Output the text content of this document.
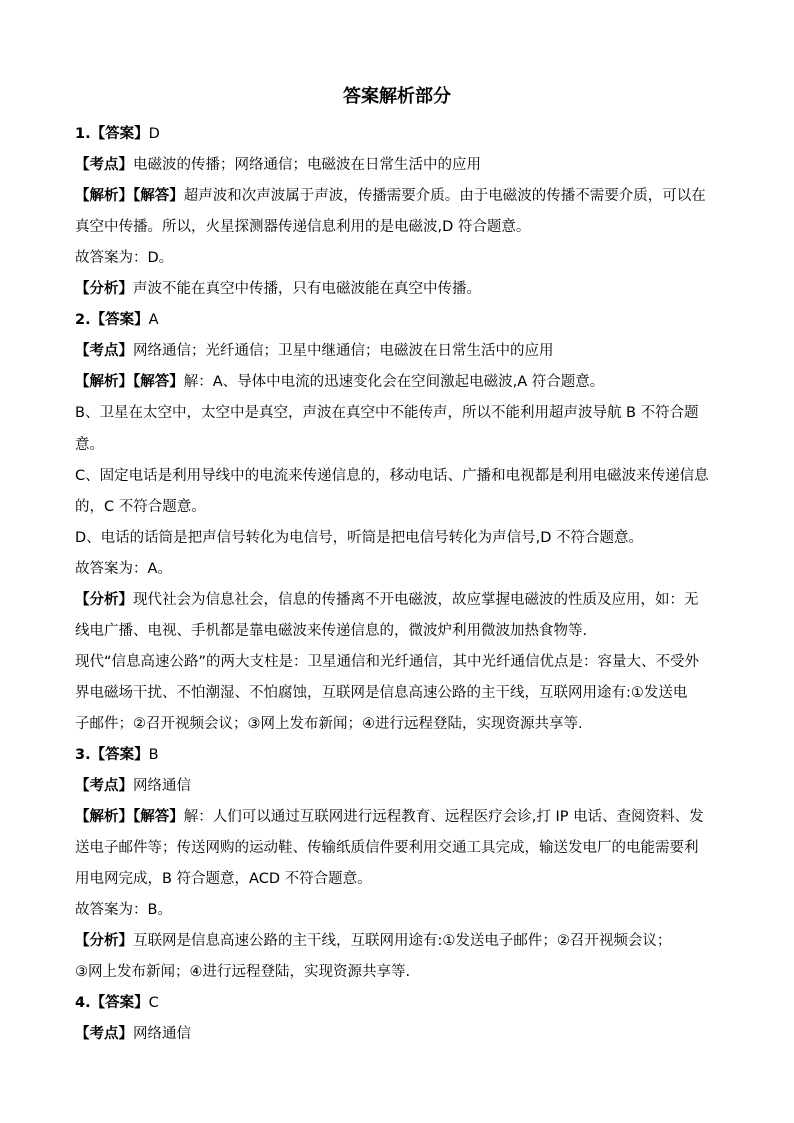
答案解析部分
1.【答案】D
【考点】电磁波的传播；网络通信；电磁波在日常生活中的应用
【解析】【解答】超声波和次声波属于声波，传播需要介质。由于电磁波的传播不需要介质，可以在
真空中传播。所以，火星探测器传递信息利用的是电磁波,D 符合题意。
故答案为：D。
【分析】声波不能在真空中传播，只有电磁波能在真空中传播。
2.【答案】A
【考点】网络通信；光纤通信；卫星中继通信；电磁波在日常生活中的应用
【解析】【解答】解：A、导体中电流的迅速变化会在空间激起电磁波,A 符合题意。
B、卫星在太空中，太空中是真空，声波在真空中不能传声，所以不能利用超声波导航 B 不符合题
意。
C、固定电话是利用导线中的电流来传递信息的，移动电话、广播和电视都是利用电磁波来传递信息
的，C 不符合题意。
D、电话的话筒是把声信号转化为电信号，听筒是把电信号转化为声信号,D 不符合题意。
故答案为：A。
【分析】现代社会为信息社会，信息的传播离不开电磁波，故应掌握电磁波的性质及应用，如：无
线电广播、电视、手机都是靠电磁波来传递信息的，微波炉利用微波加热食物等.
现代“信息高速公路”的两大支柱是：卫星通信和光纤通信，其中光纤通信优点是：容量大、不受外
界电磁场干扰、不怕潮湿、不怕腐蚀，互联网是信息高速公路的主干线，互联网用途有:①发送电
子邮件；②召开视频会议；③网上发布新闻；④进行远程登陆，实现资源共享等.
3.【答案】B
【考点】网络通信
【解析】【解答】解：人们可以通过互联网进行远程教育、远程医疗会诊,打 IP 电话、查阅资料、发
送电子邮件等；传送网购的运动鞋、传输纸质信件要利用交通工具完成，输送发电厂的电能需要利
用电网完成，B 符合题意，ACD 不符合题意。
故答案为：B。
【分析】互联网是信息高速公路的主干线，互联网用途有:①发送电子邮件；②召开视频会议；
③网上发布新闻；④进行远程登陆，实现资源共享等.
4.【答案】C
【考点】网络通信
